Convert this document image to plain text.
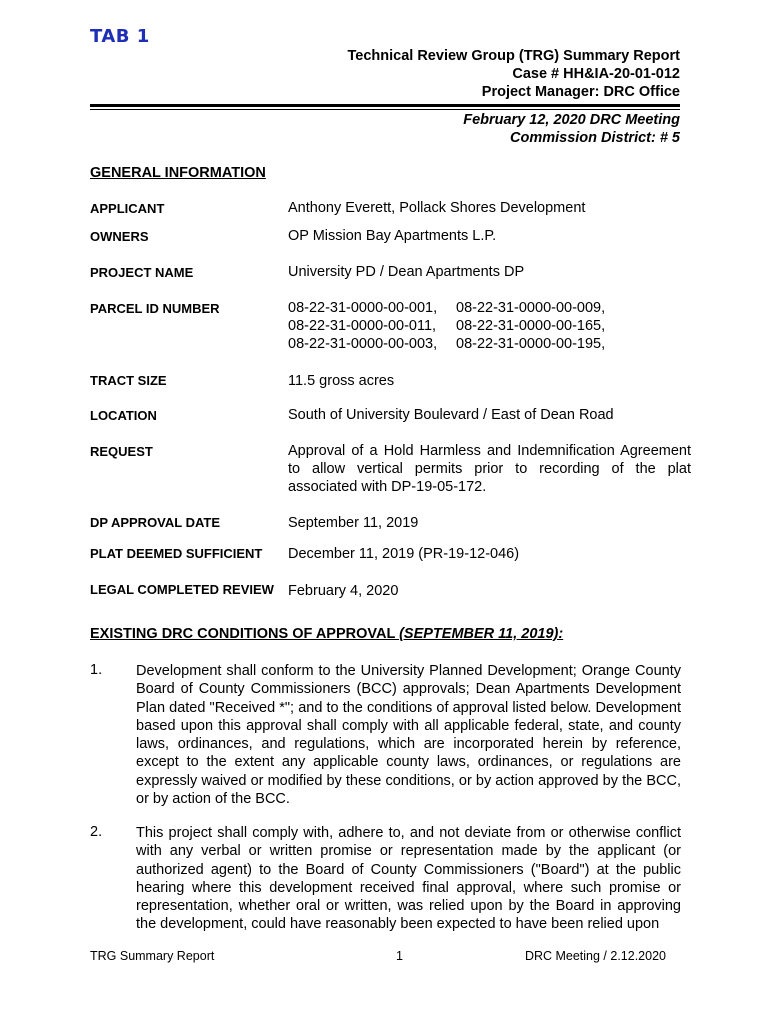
TAB 1
Technical Review Group (TRG) Summary Report
Case # HH&IA-20-01-012
Project Manager: DRC Office
February 12, 2020 DRC Meeting
Commission District: # 5
GENERAL INFORMATION
APPLICANT	Anthony Everett, Pollack Shores Development
OWNERS	OP Mission Bay Apartments L.P.
PROJECT NAME	University PD / Dean Apartments DP
PARCEL ID NUMBER	08-22-31-0000-00-001,	08-22-31-0000-00-009,
08-22-31-0000-00-011,	08-22-31-0000-00-165,
08-22-31-0000-00-003,	08-22-31-0000-00-195,
TRACT SIZE	11.5 gross acres
LOCATION	South of University Boulevard / East of Dean Road
REQUEST	Approval of a Hold Harmless and Indemnification Agreement to allow vertical permits prior to recording of the plat associated with DP-19-05-172.
DP APPROVAL DATE	September 11, 2019
PLAT DEEMED SUFFICIENT December 11, 2019 (PR-19-12-046)
LEGAL COMPLETED REVIEW February 4, 2020
EXISTING DRC CONDITIONS OF APPROVAL (SEPTEMBER 11, 2019):
1. Development shall conform to the University Planned Development; Orange County Board of County Commissioners (BCC) approvals; Dean Apartments Development Plan dated "Received *"; and to the conditions of approval listed below. Development based upon this approval shall comply with all applicable federal, state, and county laws, ordinances, and regulations, which are incorporated herein by reference, except to the extent any applicable county laws, ordinances, or regulations are expressly waived or modified by these conditions, or by action approved by the BCC, or by action of the BCC.
2. This project shall comply with, adhere to, and not deviate from or otherwise conflict with any verbal or written promise or representation made by the applicant (or authorized agent) to the Board of County Commissioners ("Board") at the public hearing where this development received final approval, where such promise or representation, whether oral or written, was relied upon by the Board in approving the development, could have reasonably been expected to have been relied upon
TRG Summary Report	1	DRC Meeting / 2.12.2020
